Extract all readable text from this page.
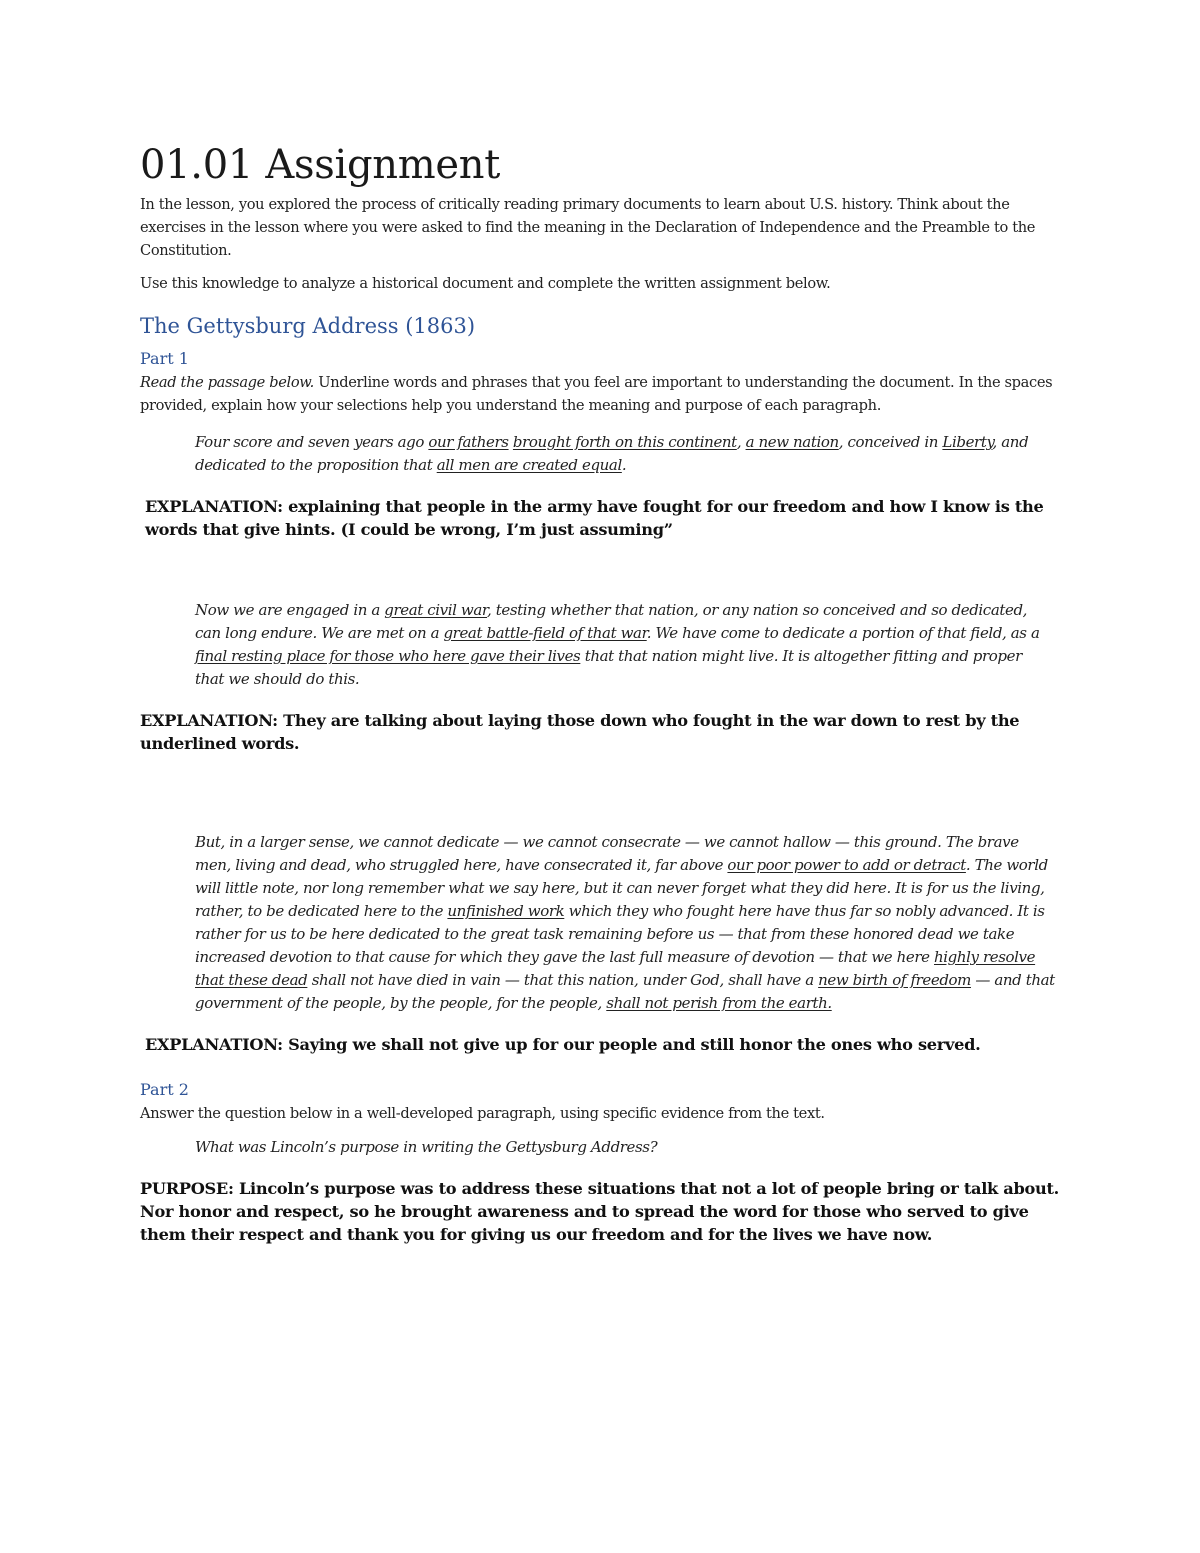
01.01 Assignment

In the lesson, you explored the process of critically reading primary documents to learn about U.S. history. Think about the exercises in the lesson where you were asked to find the meaning in the Declaration of Independence and the Preamble to the Constitution.

Use this knowledge to analyze a historical document and complete the written assignment below.

The Gettysburg Address (1863)
Part 1

Read the passage below. Underline words and phrases that you feel are important to understanding the document. In the spaces provided, explain how your selections help you understand the meaning and purpose of each paragraph.

Four score and seven years ago our fathers brought forth on this continent, a new nation, conceived in Liberty, and dedicated to the proposition that all men are created equal.

EXPLANATION: explaining that people in the army have fought for our freedom and how I know is the words that give hints. (I could be wrong, I’m just assuming”

Now we are engaged in a great civil war, testing whether that nation, or any nation so conceived and so dedicated, can long endure. We are met on a great battle-field of that war. We have come to dedicate a portion of that field, as a final resting place for those who here gave their lives that that nation might live. It is altogether fitting and proper that we should do this.

EXPLANATION: They are talking about laying those down who fought in the war down to rest by the underlined words.

But, in a larger sense, we cannot dedicate — we cannot consecrate — we cannot hallow — this ground. The brave men, living and dead, who struggled here, have consecrated it, far above our poor power to add or detract. The world will little note, nor long remember what we say here, but it can never forget what they did here. It is for us the living, rather, to be dedicated here to the unfinished work which they who fought here have thus far so nobly advanced. It is rather for us to be here dedicated to the great task remaining before us — that from these honored dead we take increased devotion to that cause for which they gave the last full measure of devotion — that we here highly resolve that these dead shall not have died in vain — that this nation, under God, shall have a new birth of freedom — and that government of the people, by the people, for the people, shall not perish from the earth.

EXPLANATION: Saying we shall not give up for our people and still honor the ones who served.

Part 2

Answer the question below in a well-developed paragraph, using specific evidence from the text.

What was Lincoln’s purpose in writing the Gettysburg Address?

PURPOSE: Lincoln’s purpose was to address these situations that not a lot of people bring or talk about. Nor honor and respect, so he brought awareness and to spread the word for those who served to give them their respect and thank you for giving us our freedom and for the lives we have now.
